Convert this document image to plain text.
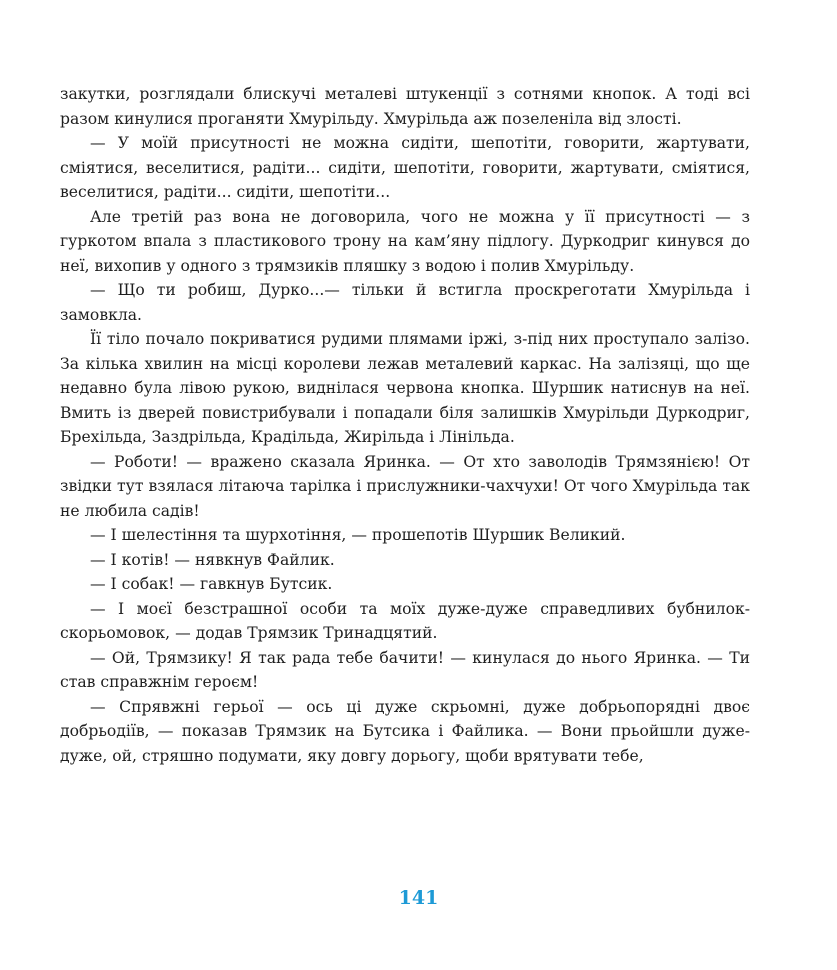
закутки, розглядали блискучі металеві штукенції з сотнями кнопок. А тоді всі разом кинулися проганяти Хмурільду. Хмурільда аж позеленіла від злості.

— У моїй присутності не можна сидіти, шепотіти, говорити, жартувати, сміятися, веселитися, радіти... сидіти, шепотіти, говорити, жартувати, сміятися, веселитися, радіти... сидіти, шепотіти...

Але третій раз вона не договорила, чого не можна у її присутності — з гуркотом впала з пластикового трону на кам’яну підлогу. Дуркодриг кинувся до неї, вихопив у одного з трямзиків пляшку з водою і полив Хмурільду.

— Що ти робиш, Дурко...— тільки й встигла проскреготати Хмурільда і замовкла.

Її тіло почало покриватися рудими плямами іржі, з-під них проступало залізо. За кілька хвилин на місці королеви лежав металевий каркас. На залізяці, що ще недавно була лівою рукою, виднілася червона кнопка. Шуршик натиснув на неї. Вмить із дверей повистрибували і попадали біля залишків Хмурільди Дуркодриг, Брехільда, Заздрільда, Крадільда, Жирільда і Лінільда.

— Роботи! — вражено сказала Яринка. — От хто заволодів Трямзянією! От звідки тут взялася літаюча тарілка і прислужники-чахчухи! От чого Хмурільда так не любила садів!

— І шелестіння та шурхотіння, — прошепотів Шуршик Великий.

— І котів! — нявкнув Файлик.

— І собак! — гавкнув Бутсик.

— І моєї безстрашної особи та моїх дуже-дуже справедливих бубнилок-скорьомовок, — додав Трямзик Тринадцятий.

— Ой, Трямзику! Я так рада тебе бачити! — кинулася до нього Яринка. — Ти став справжнім героєм!

— Спрявжні герьої — ось ці дуже скрьомні, дуже добрьопорядні двоє добрьодіїв, — показав Трямзик на Бутсика і Файлика. — Вони прьойшли дуже-дуже, ой, стряшно подумати, яку довгу дорьогу, щоби врятувати тебе,

141
